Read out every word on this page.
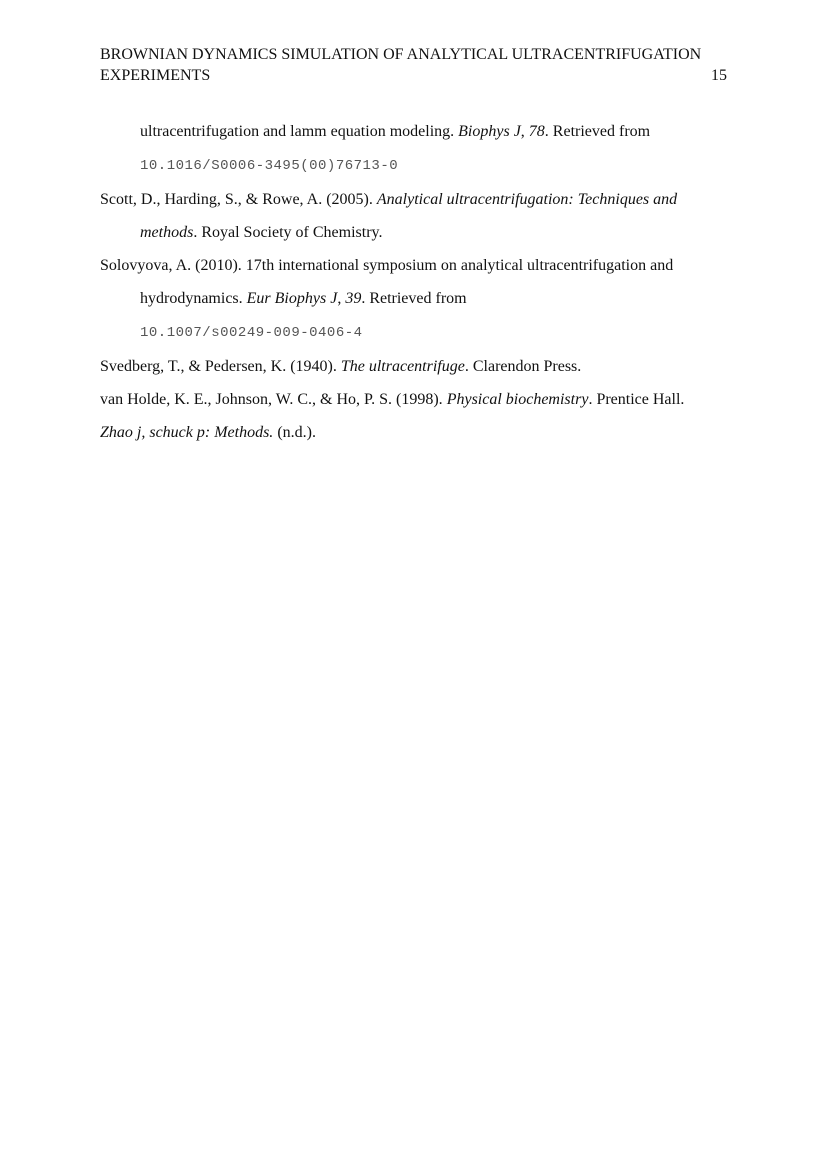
BROWNIAN DYNAMICS SIMULATION OF ANALYTICAL ULTRACENTRIFUGATION
EXPERIMENTS	15

ultracentrifugation and lamm equation modeling. Biophys J, 78. Retrieved from
10.1016/S0006-3495(00)76713-0

Scott, D., Harding, S., & Rowe, A. (2005). Analytical ultracentrifugation: Techniques and methods. Royal Society of Chemistry.

Solovyova, A. (2010). 17th international symposium on analytical ultracentrifugation and hydrodynamics. Eur Biophys J, 39. Retrieved from
10.1007/s00249-009-0406-4

Svedberg, T., & Pedersen, K. (1940). The ultracentrifuge. Clarendon Press.

van Holde, K. E., Johnson, W. C., & Ho, P. S. (1998). Physical biochemistry. Prentice Hall.

Zhao j, schuck p: Methods. (n.d.).
